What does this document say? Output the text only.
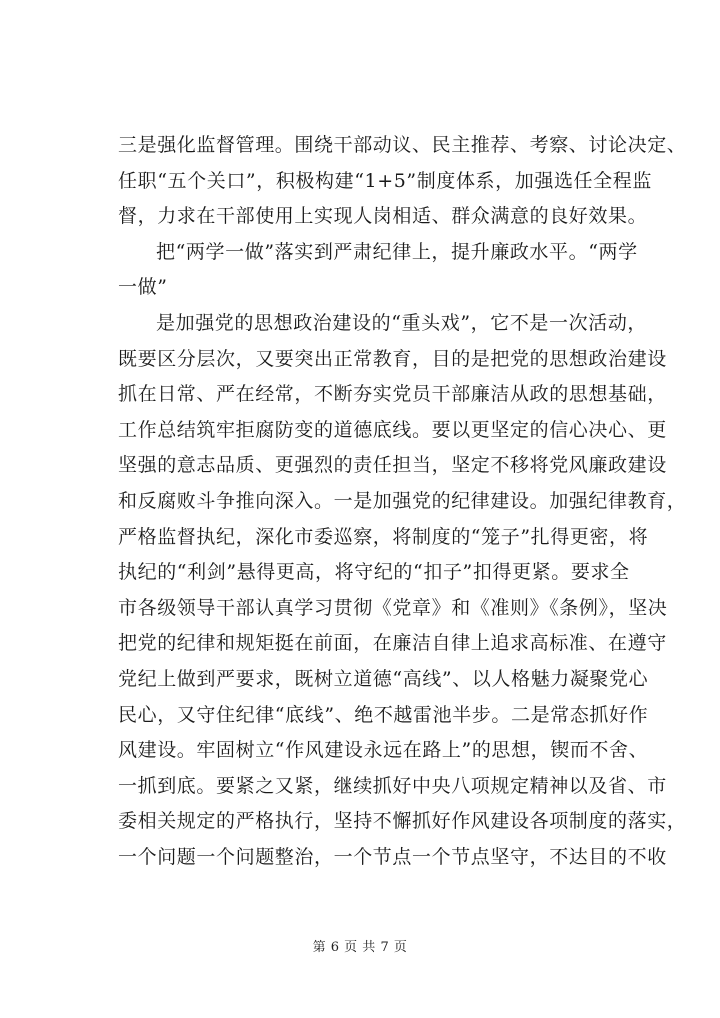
三是强化监督管理。围绕干部动议、民主推荐、考察、讨论决定、
任职“五个关口”，积极构建“1+5”制度体系，加强选任全程监
督，力求在干部使用上实现人岗相适、群众满意的良好效果。
把“两学一做”落实到严肃纪律上，提升廉政水平。“两学
一做”
是加强党的思想政治建设的“重头戏”，它不是一次活动，
既要区分层次，又要突出正常教育，目的是把党的思想政治建设
抓在日常、严在经常，不断夯实党员干部廉洁从政的思想基础，
工作总结筑牢拒腐防变的道德底线。要以更坚定的信心决心、更
坚强的意志品质、更强烈的责任担当，坚定不移将党风廉政建设
和反腐败斗争推向深入。一是加强党的纪律建设。加强纪律教育，
严格监督执纪，深化市委巡察，将制度的“笼子”扎得更密，将
执纪的“利剑”悬得更高，将守纪的“扣子”扣得更紧。要求全
市各级领导干部认真学习贯彻《党章》和《准则》《条例》，坚决
把党的纪律和规矩挺在前面，在廉洁自律上追求高标准、在遵守
党纪上做到严要求，既树立道德“高线”、以人格魅力凝聚党心
民心，又守住纪律“底线”、绝不越雷池半步。二是常态抓好作
风建设。牢固树立“作风建设永远在路上”的思想，锲而不舍、
一抓到底。要紧之又紧，继续抓好中央八项规定精神以及省、市
委相关规定的严格执行，坚持不懈抓好作风建设各项制度的落实，
一个问题一个问题整治，一个节点一个节点坚守，不达目的不收
第 6 页 共 7 页
